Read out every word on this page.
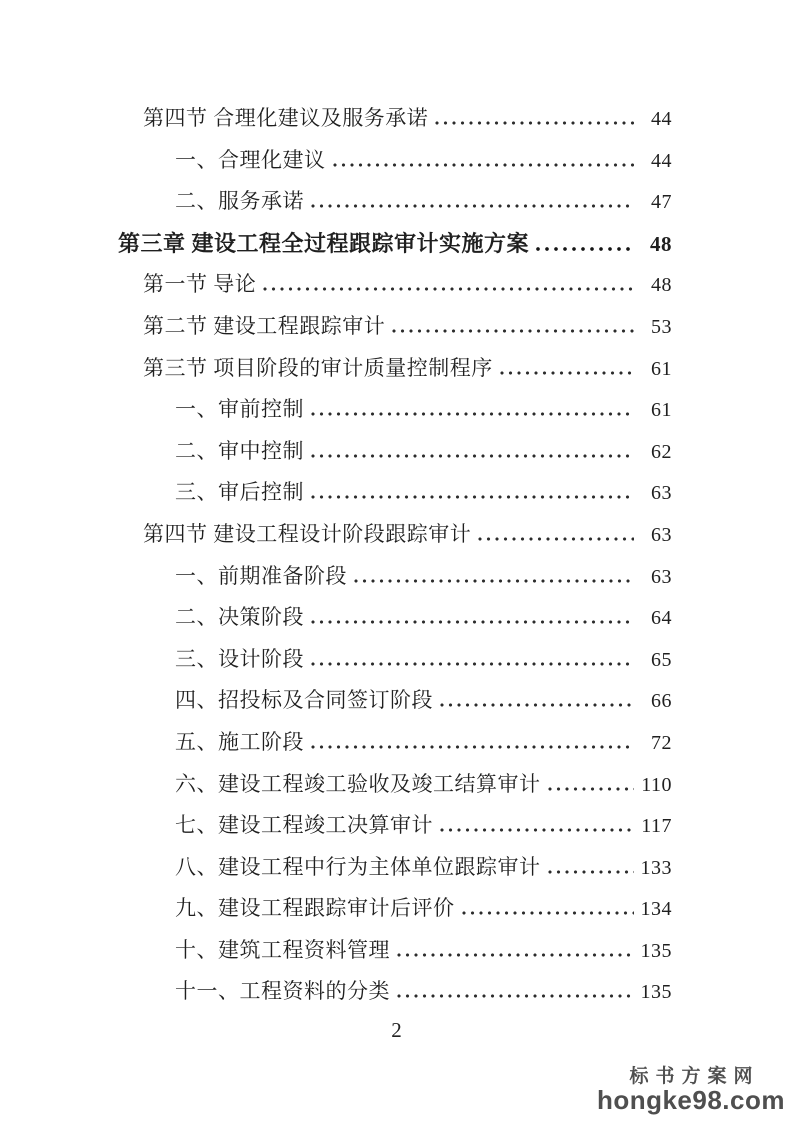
第四节 合理化建议及服务承诺	44
一、合理化建议	44
二、服务承诺	47
第三章 建设工程全过程跟踪审计实施方案	48
第一节 导论	48
第二节 建设工程跟踪审计	53
第三节 项目阶段的审计质量控制程序	61
一、审前控制	61
二、审中控制	62
三、审后控制	63
第四节 建设工程设计阶段跟踪审计	63
一、前期准备阶段	63
二、决策阶段	64
三、设计阶段	65
四、招投标及合同签订阶段	66
五、施工阶段	72
六、建设工程竣工验收及竣工结算审计	110
七、建设工程竣工决算审计	117
八、建设工程中行为主体单位跟踪审计	133
九、建设工程跟踪审计后评价	134
十、建筑工程资料管理	135
十一、工程资料的分类	135
2
标书方案网
hongke98.com
